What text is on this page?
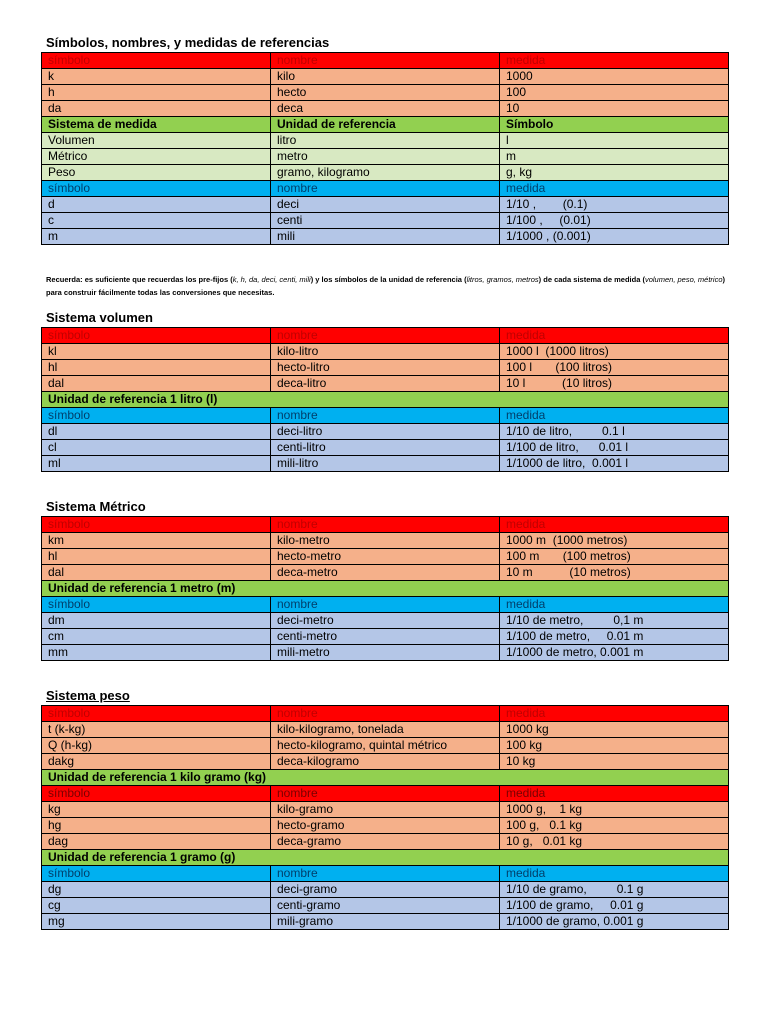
Símbolos, nombres, y medidas de referencias
símbolo	nombre	medida
k	kilo	1000
h	hecto	100
da	deca	10
Sistema de medida	Unidad de referencia	Símbolo
Volumen	litro	l
Métrico	metro	m
Peso	gramo, kilogramo	g, kg
símbolo	nombre	medida
d	deci	1/10 ,        (0.1)
c	centi	1/100 ,     (0.01)
m	mili	1/1000 , (0.001)
Recuerda: es suficiente que recuerdas los pre-fijos (k, h, da, deci, centi, mili) y los símbolos de la unidad de referencia (litros, gramos, metros) de cada sistema de medida (volumen, peso, métrico) para construir fácilmente todas las conversiones que necesitas.
Sistema volumen
símbolo	nombre	medida
kl	kilo-litro	1000 l  (1000 litros)
hl	hecto-litro	100 l       (100 litros)
dal	deca-litro	10 l           (10 litros)
Unidad de referencia 1 litro (l)		
símbolo	nombre	medida
dl	deci-litro	1/10 de litro,         0.1 l
cl	centi-litro	1/100 de litro,      0.01 l
ml	mili-litro	1/1000 de litro,  0.001 l
Sistema Métrico
símbolo	nombre	medida
km	kilo-metro	1000 m  (1000 metros)
hl	hecto-metro	100 m       (100 metros)
dal	deca-metro	10 m           (10 metros)
Unidad de referencia 1 metro (m)		
símbolo	nombre	medida
dm	deci-metro	1/10 de metro,         0,1 m
cm	centi-metro	1/100 de metro,     0.01 m
mm	mili-metro	1/1000 de metro, 0.001 m
Sistema peso
símbolo	nombre	medida
t (k-kg)	kilo-kilogramo, tonelada	1000 kg
Q (h-kg)	hecto-kilogramo, quintal métrico	100 kg
dakg	deca-kilogramo	10 kg
Unidad de referencia 1 kilo gramo (kg)		
símbolo	nombre	medida
kg	kilo-gramo	1000 g,    1 kg
hg	hecto-gramo	100 g,   0.1 kg
dag	deca-gramo	10 g,   0.01 kg
Unidad de referencia 1 gramo (g)		
símbolo	nombre	medida
dg	deci-gramo	1/10 de gramo,         0.1 g
cg	centi-gramo	1/100 de gramo,     0.01 g
mg	mili-gramo	1/1000 de gramo, 0.001 g
